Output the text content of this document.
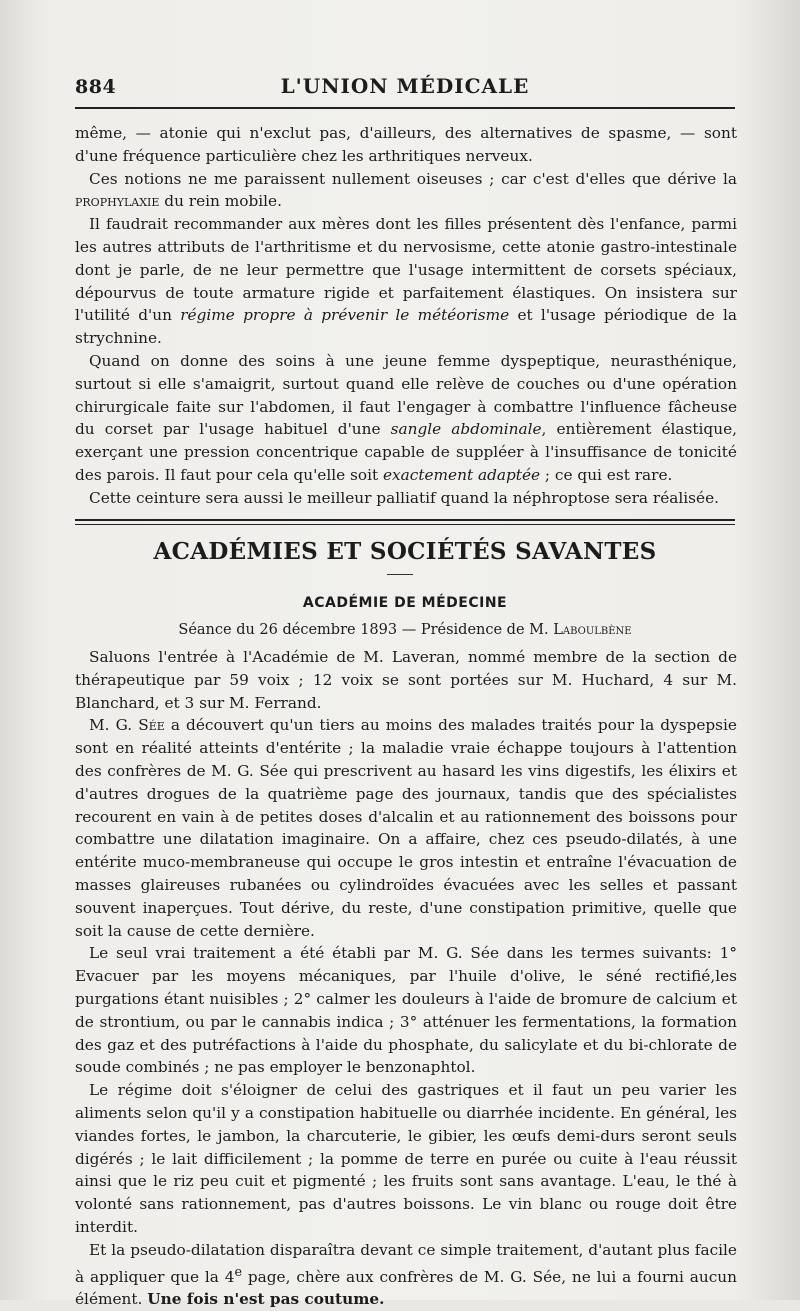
884	L'UNION MÉDICALE

même, — atonie qui n'exclut pas, d'ailleurs, des alternatives de spasme, — sont d'une fréquence particulière chez les arthritiques nerveux.

Ces notions ne me paraissent nullement oiseuses ; car c'est d'elles que dérive la prophylaxie du rein mobile.

Il faudrait recommander aux mères dont les filles présentent dès l'enfance, parmi les autres attributs de l'arthritisme et du nervosisme, cette atonie gastro-intestinale dont je parle, de ne leur permettre que l'usage intermittent de corsets spéciaux, dépourvus de toute armature rigide et parfaitement élastiques. On insistera sur l'utilité d'un régime propre à prévenir le météorisme et l'usage périodique de la strychnine.

Quand on donne des soins à une jeune femme dyspeptique, neurasthénique, surtout si elle s'amaigrit, surtout quand elle relève de couches ou d'une opération chirurgicale faite sur l'abdomen, il faut l'engager à combattre l'influence fâcheuse du corset par l'usage habituel d'une sangle abdominale, entièrement élastique, exerçant une pression concentrique capable de suppléer à l'insuffisance de tonicité des parois. Il faut pour cela qu'elle soit exactement adaptée ; ce qui est rare.

Cette ceinture sera aussi le meilleur palliatif quand la néphroptose sera réalisée.

ACADÉMIES ET SOCIÉTÉS SAVANTES
ACADÉMIE DE MÉDECINE
Séance du 26 décembre 1893 — Présidence de M. Laboulbène

Saluons l'entrée à l'Académie de M. Laveran, nommé membre de la section de thérapeutique par 59 voix ; 12 voix se sont portées sur M. Huchard, 4 sur M. Blanchard, et 3 sur M. Ferrand.

M. G. Sée a découvert qu'un tiers au moins des malades traités pour la dyspepsie sont en réalité atteints d'entérite ; la maladie vraie échappe toujours à l'attention des confrères de M. G. Sée qui prescrivent au hasard les vins digestifs, les élixirs et d'autres drogues de la quatrième page des journaux, tandis que des spécialistes recourent en vain à de petites doses d'alcalin et au rationnement des boissons pour combattre une dilatation imaginaire. On a affaire, chez ces pseudo-dilatés, à une entérite muco-membraneuse qui occupe le gros intestin et entraîne l'évacuation de masses glaireuses rubanées ou cylindroïdes évacuées avec les selles et passant souvent inaperçues. Tout dérive, du reste, d'une constipation primitive, quelle que soit la cause de cette dernière.

Le seul vrai traitement a été établi par M. G. Sée dans les termes suivants: 1° Evacuer par les moyens mécaniques, par l'huile d'olive, le séné rectifié,les purgations étant nuisibles ; 2° calmer les douleurs à l'aide de bromure de calcium et de strontium, ou par le cannabis indica ; 3° atténuer les fermentations, la formation des gaz et des putréfactions à l'aide du phosphate, du salicylate et du bi-chlorate de soude combinés ; ne pas employer le benzonaphtol.

Le régime doit s'éloigner de celui des gastriques et il faut un peu varier les aliments selon qu'il y a constipation habituelle ou diarrhée incidente. En général, les viandes fortes, le jambon, la charcuterie, le gibier, les œufs demi-durs seront seuls digérés ; le lait difficilement ; la pomme de terre en purée ou cuite à l'eau réussit ainsi que le riz peu cuit et pigmenté ; les fruits sont sans avantage. L'eau, le thé à volonté sans rationnement, pas d'autres boissons. Le vin blanc ou rouge doit être interdit.

Et la pseudo-dilatation disparaîtra devant ce simple traitement, d'autant plus facile à appliquer que la 4e page, chère aux confrères de M. G. Sée, ne lui a fourni aucun élément. Une fois n'est pas coutume.
